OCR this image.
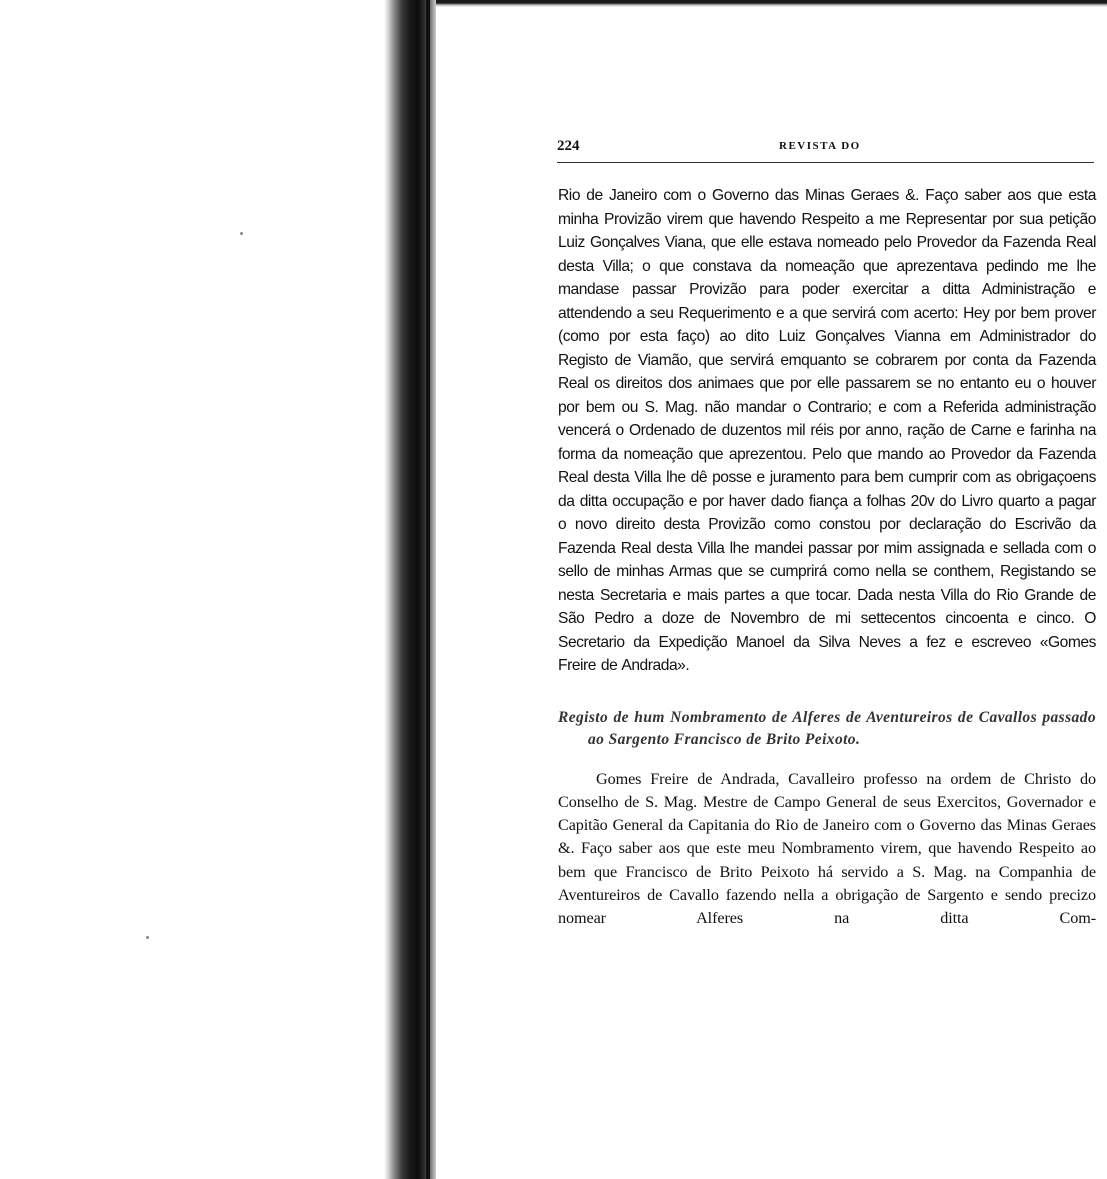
224	REVISTA DO

Rio de Janeiro com o Governo das Minas Geraes &. Faço saber aos que esta minha Provizão virem que havendo Respeito a me Representar por sua petição Luiz Gonçalves Viana, que elle estava nomeado pelo Provedor da Fazenda Real desta Villa; o que constava da nomeação que aprezentava pedindo me lhe mandase passar Provizão para poder exercitar a ditta Administração e attendendo a seu Requerimento e a que servirá com acerto: Hey por bem prover (como por esta faço) ao dito Luiz Gonçalves Vianna em Administrador do Registo de Viamão, que servirá emquanto se cobrarem por conta da Fazenda Real os direitos dos animaes que por elle passarem se no entanto eu o houver por bem ou S. Mag. não mandar o Contrario; e com a Referida administração vencerá o Ordenado de duzentos mil réis por anno, ração de Carne e farinha na forma da nomeação que aprezentou. Pelo que mando ao Provedor da Fazenda Real desta Villa lhe dê posse e juramento para bem cumprir com as obrigaçoens da ditta occupação e por haver dado fiança a folhas 20v do Livro quarto a pagar o novo direito desta Provizão como constou por declaração do Escrivão da Fazenda Real desta Villa lhe mandei passar por mim assignada e sellada com o sello de minhas Armas que se cumprirá como nella se conthem, Registando se nesta Secretaria e mais partes a que tocar. Dada nesta Villa do Rio Grande de São Pedro a doze de Novembro de mi settecentos cincoenta e cinco. O Secretario da Expedição Manoel da Silva Neves a fez e escreveo «Gomes Freire de Andrada».

Registo de hum Nombramento de Alferes de Aventureiros de Cavallos passado ao Sargento Francisco de Brito Peixoto.

Gomes Freire de Andrada, Cavalleiro professo na ordem de Christo do Conselho de S. Mag. Mestre de Campo General de seus Exercitos, Governador e Capitão General da Capitania do Rio de Janeiro com o Governo das Minas Geraes &. Faço saber aos que este meu Nombramento virem, que havendo Respeito ao bem que Francisco de Brito Peixoto há servido a S. Mag. na Companhia de Aventureiros de Cavallo fazendo nella a obrigação de Sargento e sendo precizo nomear Alferes na ditta Com-
